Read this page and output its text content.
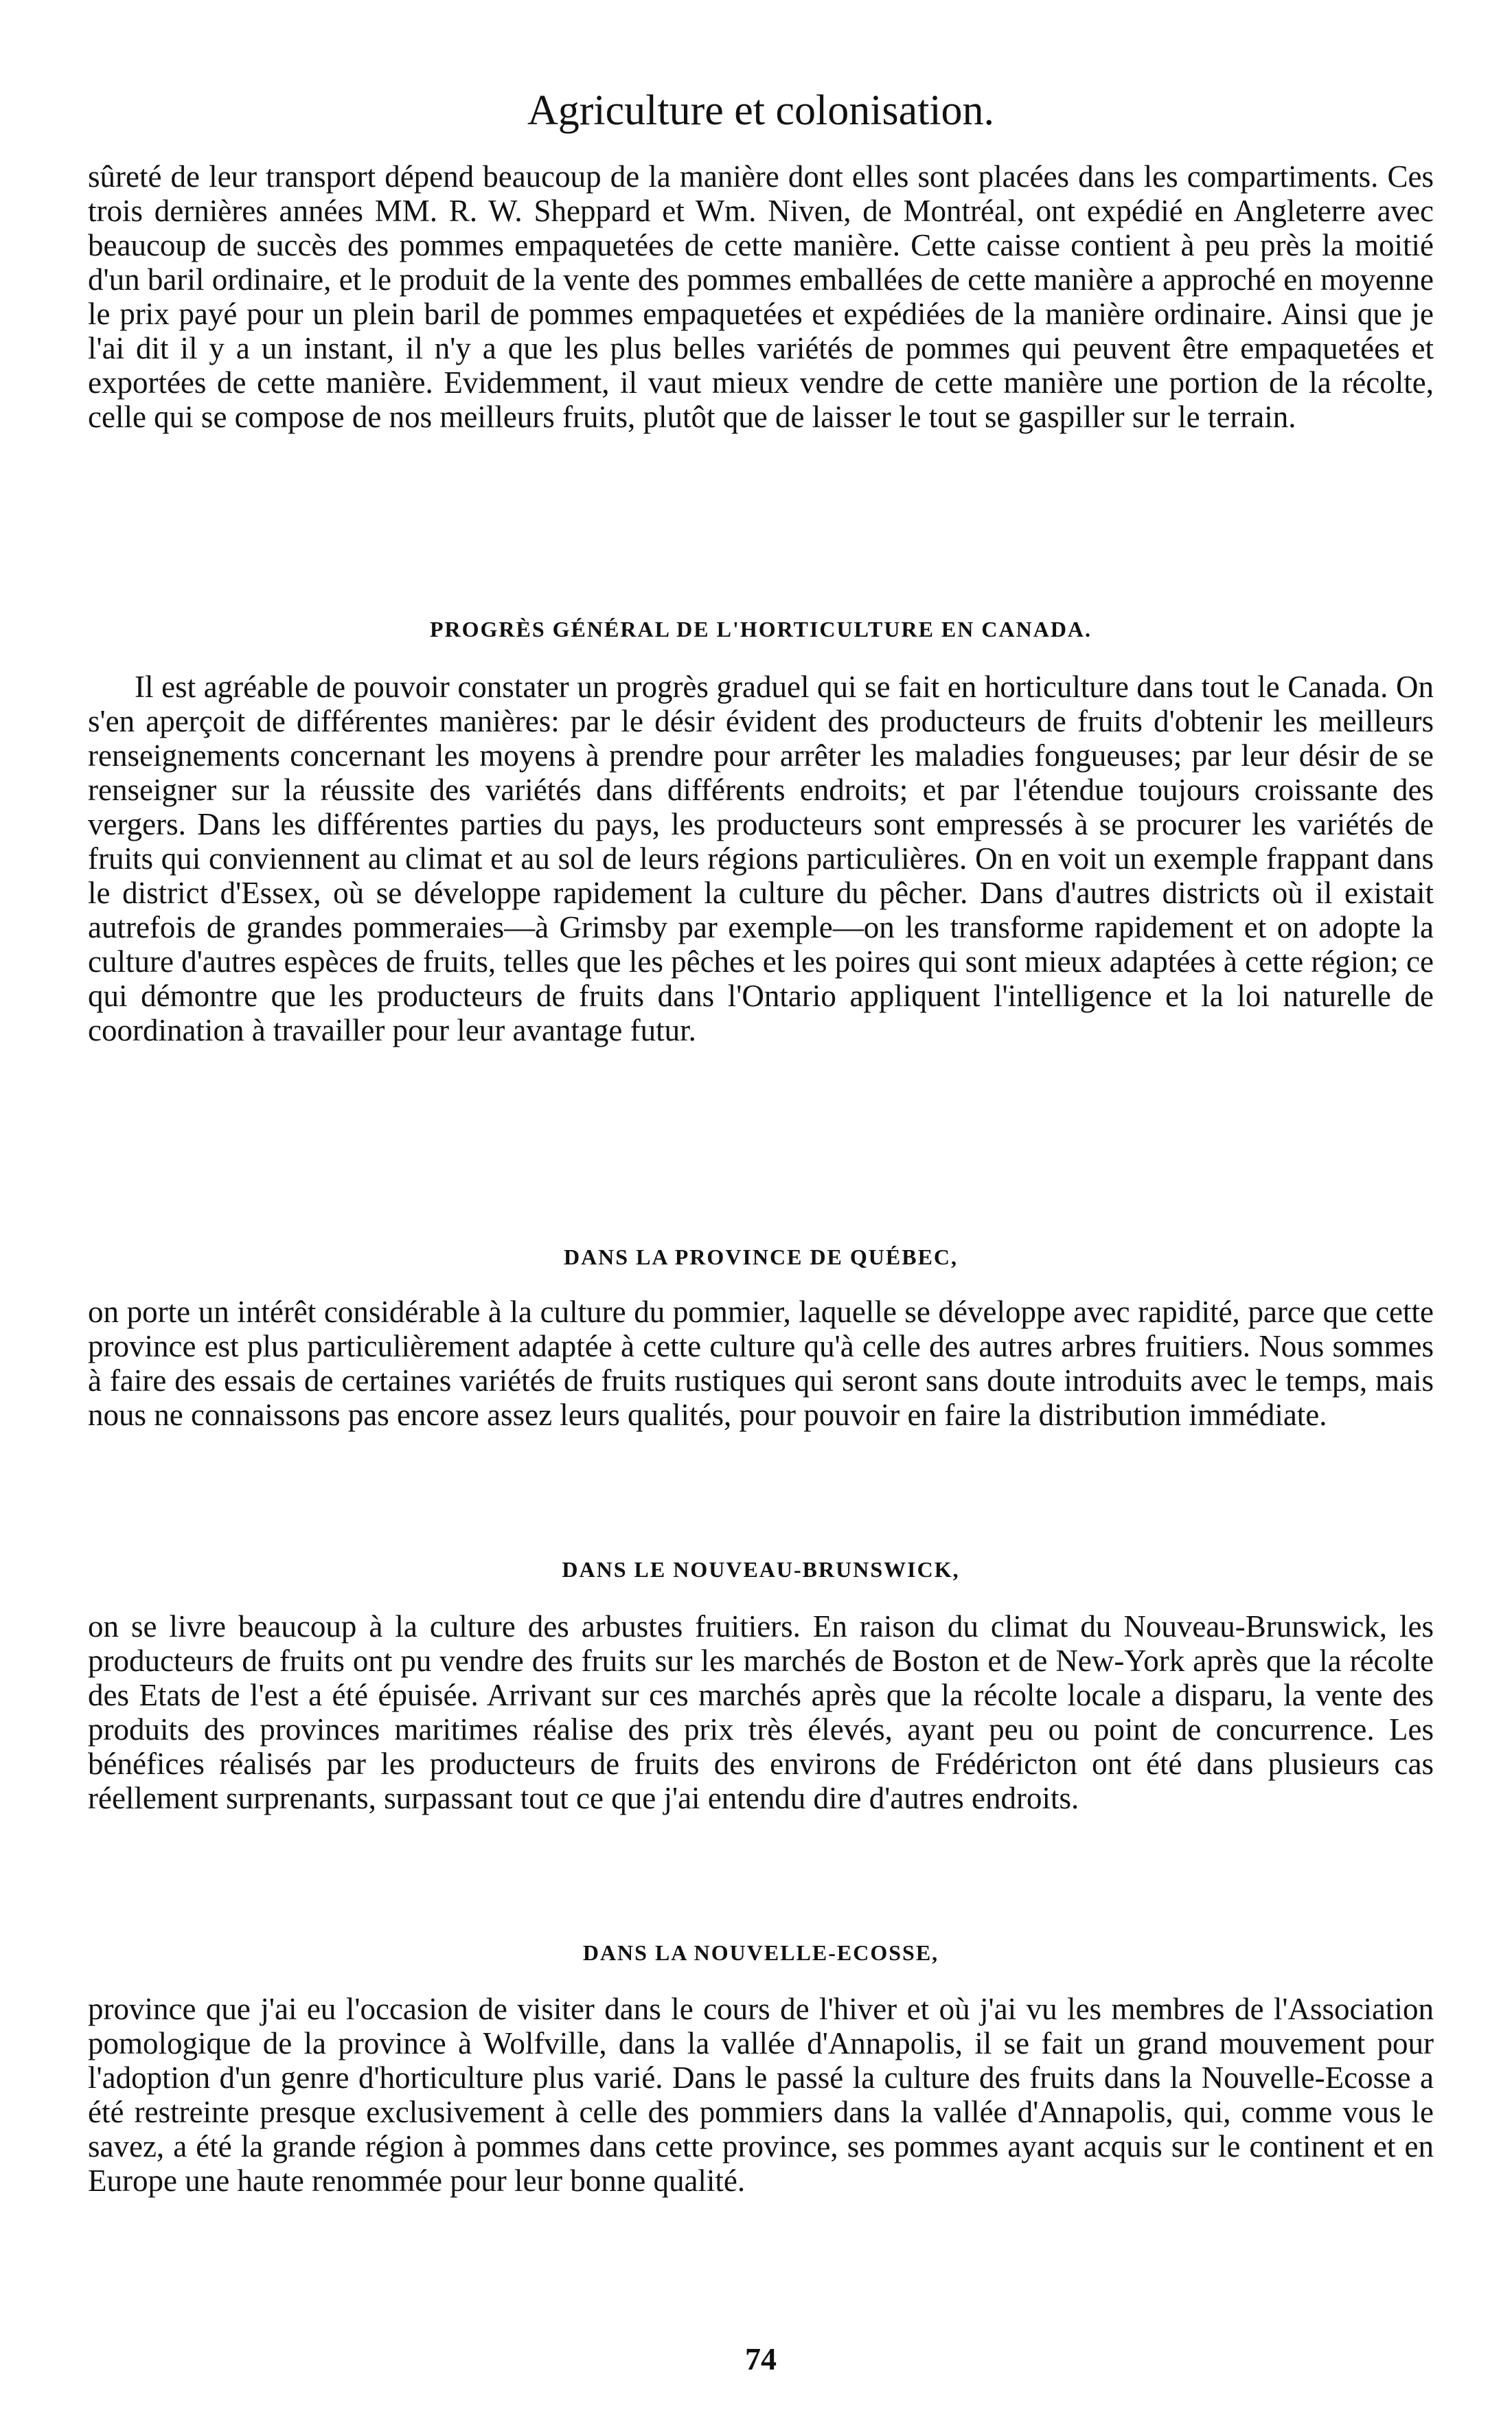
Agriculture et colonisation.

sûreté de leur transport dépend beaucoup de la manière dont elles sont placées dans les compartiments. Ces trois dernières années MM. R. W. Sheppard et Wm. Niven, de Montréal, ont expédié en Angleterre avec beaucoup de succès des pommes empaquetées de cette manière. Cette caisse contient à peu près la moitié d'un baril ordinaire, et le produit de la vente des pommes emballées de cette manière a approché en moyenne le prix payé pour un plein baril de pommes empaquetées et expédiées de la manière ordinaire. Ainsi que je l'ai dit il y a un instant, il n'y a que les plus belles variétés de pommes qui peuvent être empaquetées et exportées de cette manière. Evidemment, il vaut mieux vendre de cette manière une portion de la récolte, celle qui se compose de nos meilleurs fruits, plutôt que de laisser le tout se gaspiller sur le terrain.

PROGRÈS GÉNÉRAL DE L'HORTICULTURE EN CANADA.

Il est agréable de pouvoir constater un progrès graduel qui se fait en horticulture dans tout le Canada. On s'en aperçoit de différentes manières: par le désir évident des producteurs de fruits d'obtenir les meilleurs renseignements concernant les moyens à prendre pour arrêter les maladies fongueuses; par leur désir de se renseigner sur la réussite des variétés dans différents endroits; et par l'étendue toujours croissante des vergers. Dans les différentes parties du pays, les producteurs sont empressés à se procurer les variétés de fruits qui conviennent au climat et au sol de leurs régions particulières. On en voit un exemple frappant dans le district d'Essex, où se développe rapidement la culture du pêcher. Dans d'autres districts où il existait autrefois de grandes pommeraies—à Grimsby par exemple—on les transforme rapidement et on adopte la culture d'autres espèces de fruits, telles que les pêches et les poires qui sont mieux adaptées à cette région; ce qui démontre que les producteurs de fruits dans l'Ontario appliquent l'intelligence et la loi naturelle de coordination à travailler pour leur avantage futur.

DANS LA PROVINCE DE QUÉBEC,

on porte un intérêt considérable à la culture du pommier, laquelle se développe avec rapidité, parce que cette province est plus particulièrement adaptée à cette culture qu'à celle des autres arbres fruitiers. Nous sommes à faire des essais de certaines variétés de fruits rustiques qui seront sans doute introduits avec le temps, mais nous ne connaissons pas encore assez leurs qualités, pour pouvoir en faire la distribution immédiate.

DANS LE NOUVEAU-BRUNSWICK,

on se livre beaucoup à la culture des arbustes fruitiers. En raison du climat du Nouveau-Brunswick, les producteurs de fruits ont pu vendre des fruits sur les marchés de Boston et de New-York après que la récolte des Etats de l'est a été épuisée. Arrivant sur ces marchés après que la récolte locale a disparu, la vente des produits des provinces maritimes réalise des prix très élevés, ayant peu ou point de concurrence. Les bénéfices réalisés par les producteurs de fruits des environs de Frédéricton ont été dans plusieurs cas réellement surprenants, surpassant tout ce que j'ai entendu dire d'autres endroits.

DANS LA NOUVELLE-ECOSSE,

province que j'ai eu l'occasion de visiter dans le cours de l'hiver et où j'ai vu les membres de l'Association pomologique de la province à Wolfville, dans la vallée d'Annapolis, il se fait un grand mouvement pour l'adoption d'un genre d'horticulture plus varié. Dans le passé la culture des fruits dans la Nouvelle-Ecosse a été restreinte presque exclusivement à celle des pommiers dans la vallée d'Annapolis, qui, comme vous le savez, a été la grande région à pommes dans cette province, ses pommes ayant acquis sur le continent et en Europe une haute renommée pour leur bonne qualité.

74
